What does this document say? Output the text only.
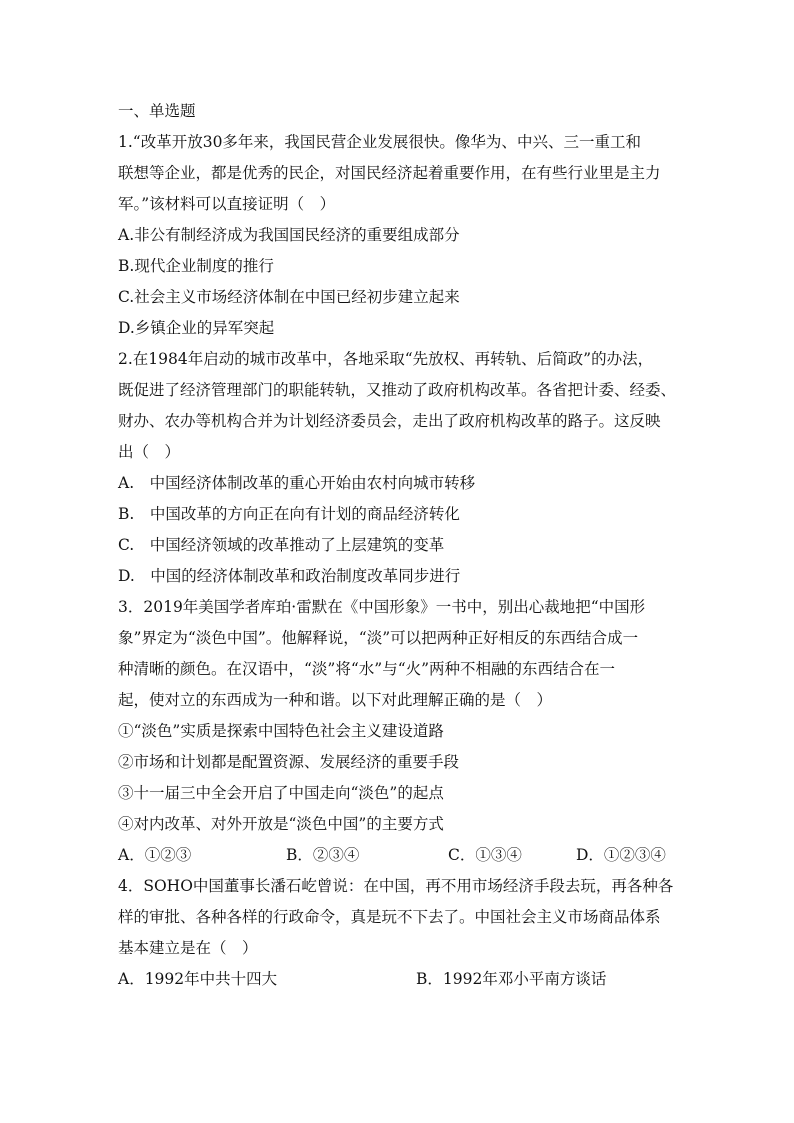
一、单选题
1.“改革开放30多年来，我国民营企业发展很快。像华为、中兴、三一重工和
联想等企业，都是优秀的民企，对国民经济起着重要作用，在有些行业里是主力
军。”该材料可以直接证明（　）
A.非公有制经济成为我国国民经济的重要组成部分
B.现代企业制度的推行
C.社会主义市场经济体制在中国已经初步建立起来
D.乡镇企业的异军突起
2.在1984年启动的城市改革中，各地采取“先放权、再转轨、后简政”的办法，
既促进了经济管理部门的职能转轨，又推动了政府机构改革。各省把计委、经委、
财办、农办等机构合并为计划经济委员会，走出了政府机构改革的路子。这反映
出（　）
A.　中国经济体制改革的重心开始由农村向城市转移
B.　中国改革的方向正在向有计划的商品经济转化
C.　中国经济领域的改革推动了上层建筑的变革
D.　中国的经济体制改革和政治制度改革同步进行
3．2019年美国学者库珀·雷默在《中国形象》一书中，别出心裁地把“中国形
象”界定为“淡色中国”。他解释说，“淡”可以把两种正好相反的东西结合成一
种清晰的颜色。在汉语中，“淡”将“水”与“火”两种不相融的东西结合在一
起，使对立的东西成为一种和谐。以下对此理解正确的是（　）
①“淡色”实质是探索中国特色社会主义建设道路
②市场和计划都是配置资源、发展经济的重要手段
③十一届三中全会开启了中国走向“淡色”的起点
④对内改革、对外开放是“淡色中国”的主要方式
A．①②③	B．②③④	C．①③④	D．①②③④
4．SOHO中国董事长潘石屹曾说：在中国，再不用市场经济手段去玩，再各种各
样的审批、各种各样的行政命令，真是玩不下去了。中国社会主义市场商品体系
基本建立是在（　）
A．1992年中共十四大	B．1992年邓小平南方谈话
